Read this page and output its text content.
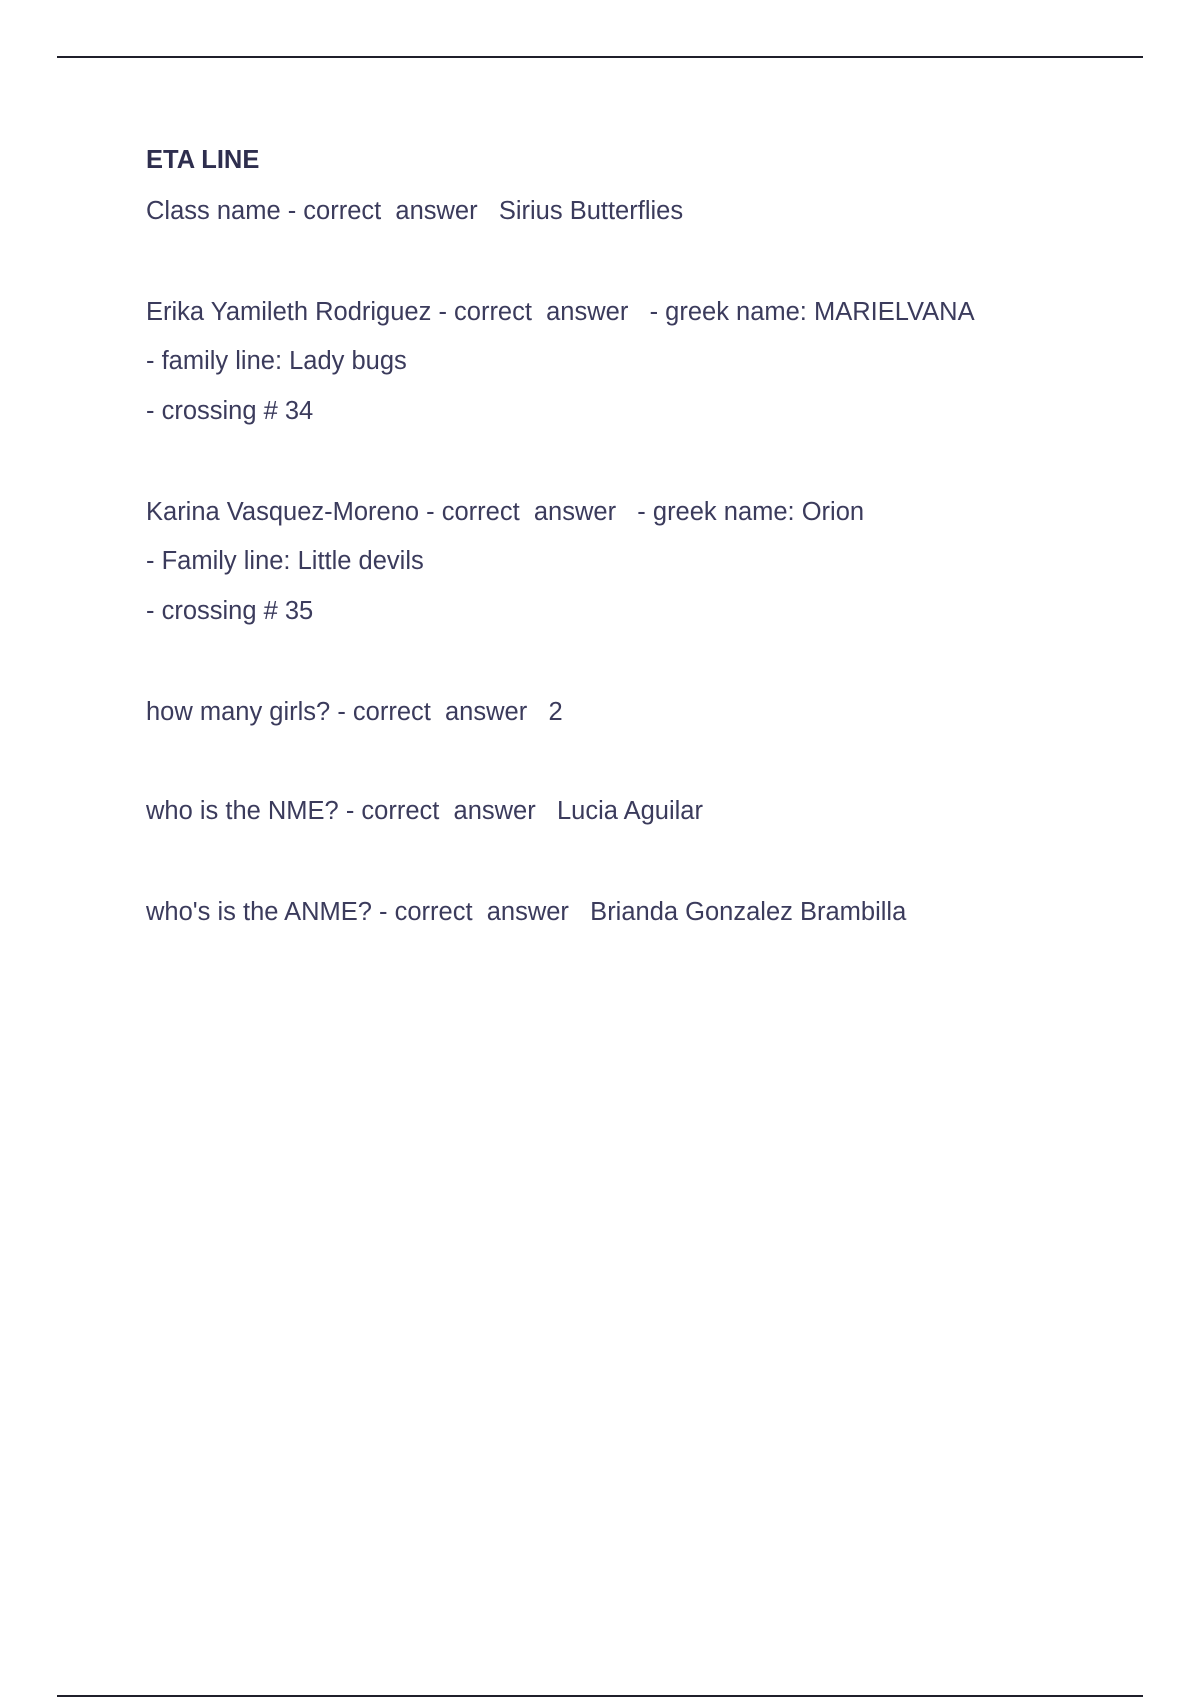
ETA LINE
Class name - correct  answer   Sirius Butterflies
Erika Yamileth Rodriguez - correct  answer   - greek name: MARIELVANA
- family line: Lady bugs
- crossing # 34
Karina Vasquez-Moreno - correct  answer   - greek name: Orion
- Family line: Little devils
- crossing # 35
how many girls? - correct  answer   2
who is the NME? - correct  answer   Lucia Aguilar
who's is the ANME? - correct  answer   Brianda Gonzalez Brambilla
